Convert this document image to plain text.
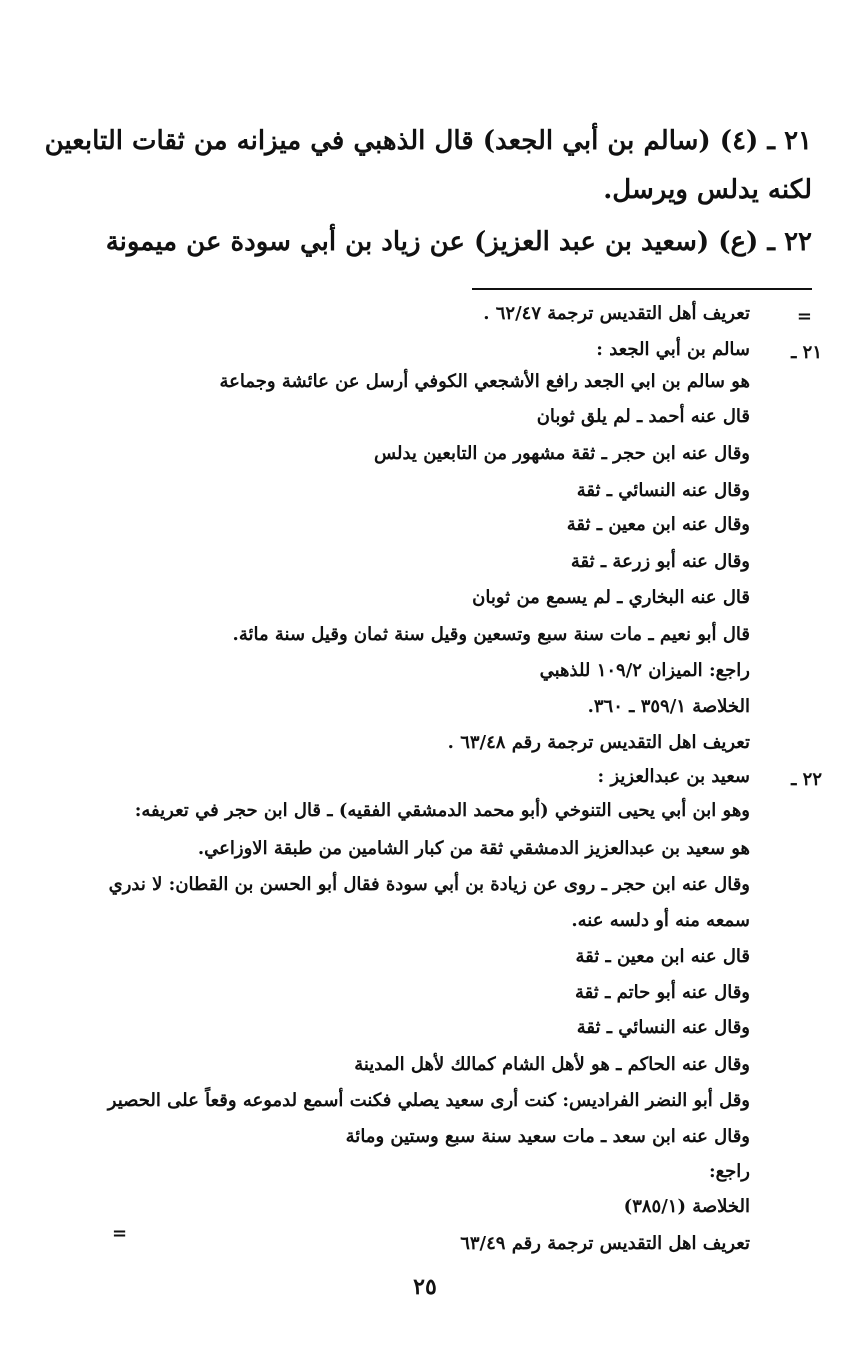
٢١ ـ (٤) (سالم بن أبي الجعد) قال الذهبي في ميزانه من ثقات التابعين
لكنه يدلس ويرسل.
٢٢ ـ (ع) (سعيد بن عبد العزيز) عن زياد بن أبي سودة عن ميمونة
=
تعريف أهل التقديس ترجمة ٦٢/٤٧ .
٢١ ـ
سالم بن أبي الجعد :
هو سالم بن ابي الجعد رافع الأشجعي الكوفي أرسل عن عائشة وجماعة
قال عنه أحمد ـ لم يلق ثوبان
وقال عنه ابن حجر ـ ثقة مشهور من التابعين يدلس
وقال عنه النسائي ـ ثقة
وقال عنه ابن معين ـ ثقة
وقال عنه أبو زرعة ـ ثقة
قال عنه البخاري ـ لم يسمع من ثوبان
قال أبو نعيم ـ مات سنة سبع وتسعين وقيل سنة ثمان وقيل سنة مائة.
راجع: الميزان ١٠٩/٢ للذهبي
الخلاصة ٣٥٩/١ ـ ٣٦٠.
تعريف اهل التقديس ترجمة رقم ٦٣/٤٨ .
٢٢ ـ
سعيد بن عبدالعزيز :
وهو ابن أبي يحيى التنوخي (أبو محمد الدمشقي الفقيه) ـ قال ابن حجر في تعريفه:
هو سعيد بن عبدالعزيز الدمشقي ثقة من كبار الشامين من طبقة الاوزاعي.
وقال عنه ابن حجر ـ روى عن زيادة بن أبي سودة فقال أبو الحسن بن القطان: لا ندري
سمعه منه أو دلسه عنه.
قال عنه ابن معين ـ ثقة
وقال عنه أبو حاتم ـ ثقة
وقال عنه النسائي ـ ثقة
وقال عنه الحاكم ـ هو لأهل الشام كمالك لأهل المدينة
وقل أبو النضر الفراديس: كنت أرى سعيد يصلي فكنت أسمع لدموعه وقعاً على الحصير
وقال عنه ابن سعد ـ مات سعيد سنة سبع وستين ومائة
راجع:
الخلاصة (٣٨٥/١)
تعريف اهل التقديس ترجمة رقم ٦٣/٤٩
=
٢٥
